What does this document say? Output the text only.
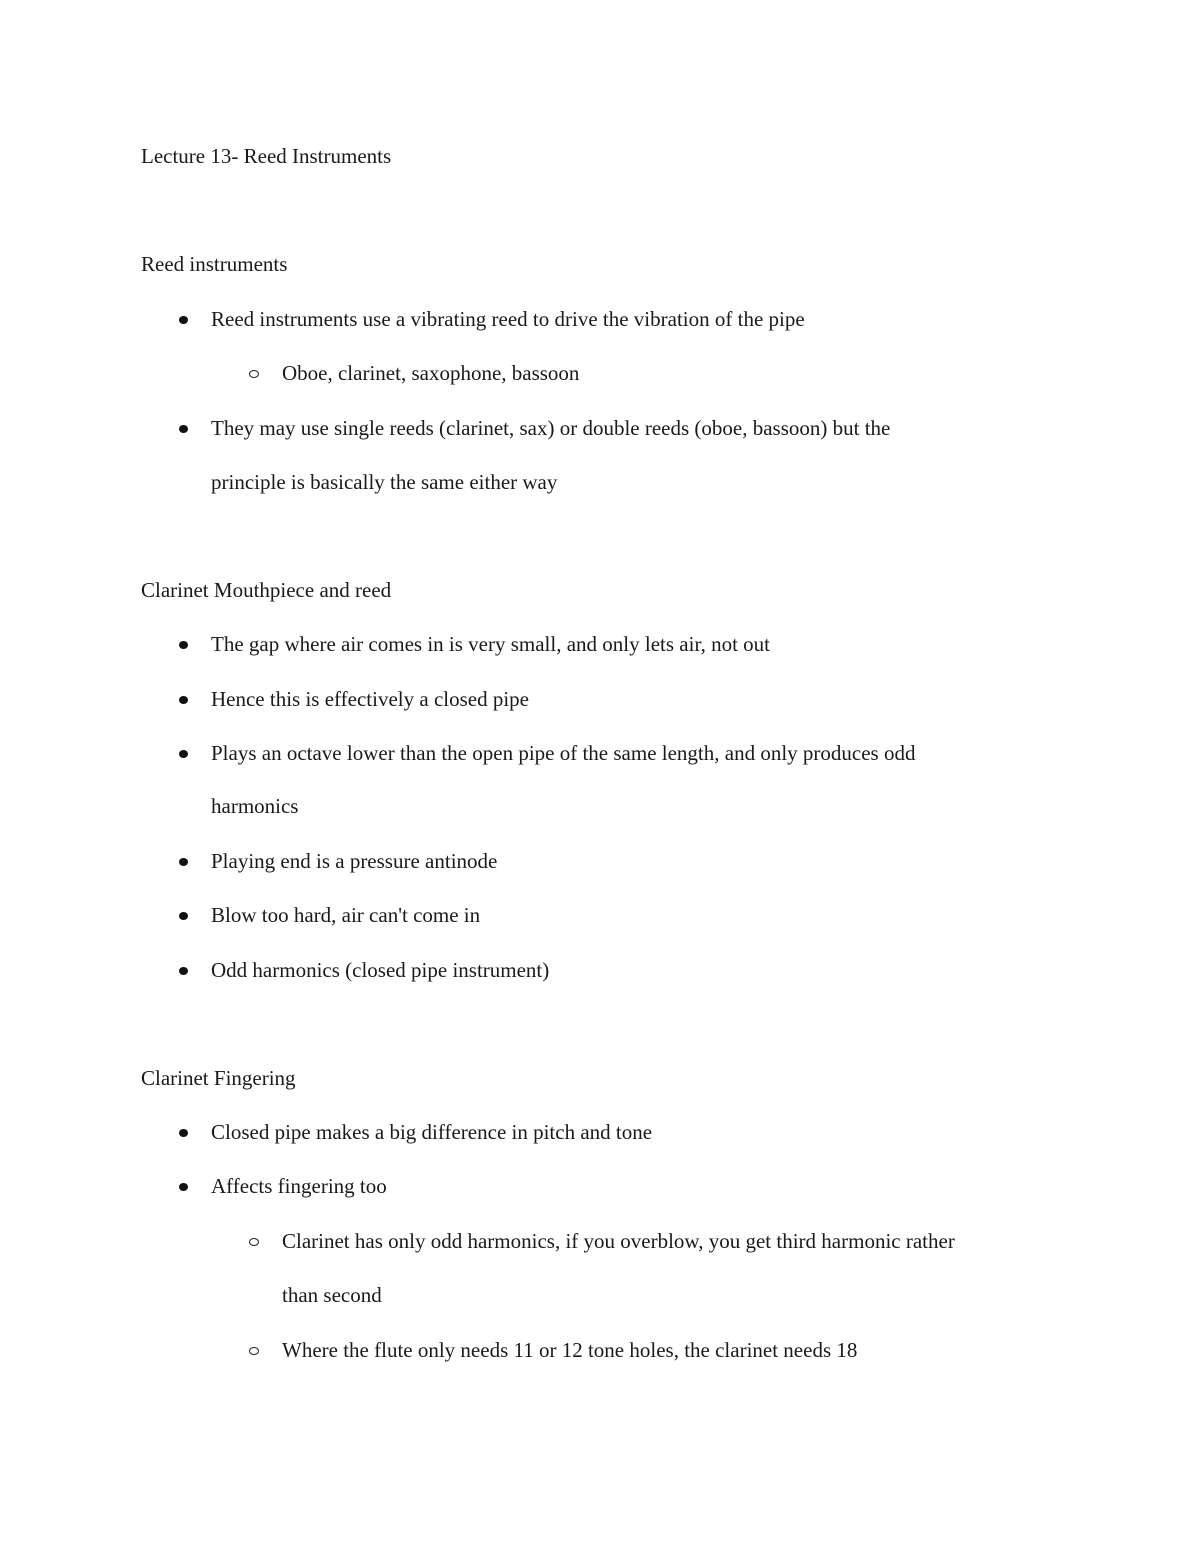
Lecture 13- Reed Instruments
Reed instruments
Reed instruments use a vibrating reed to drive the vibration of the pipe
Oboe, clarinet, saxophone, bassoon
They may use single reeds (clarinet, sax) or double reeds (oboe, bassoon) but the
principle is basically the same either way
Clarinet Mouthpiece and reed
The gap where air comes in is very small, and only lets air, not out
Hence this is effectively a closed pipe
Plays an octave lower than the open pipe of the same length, and only produces odd
harmonics
Playing end is a pressure antinode
Blow too hard, air can't come in
Odd harmonics (closed pipe instrument)
Clarinet Fingering
Closed pipe makes a big difference in pitch and tone
Affects fingering too
Clarinet has only odd harmonics, if you overblow, you get third harmonic rather
than second
Where the flute only needs 11 or 12 tone holes, the clarinet needs 18
